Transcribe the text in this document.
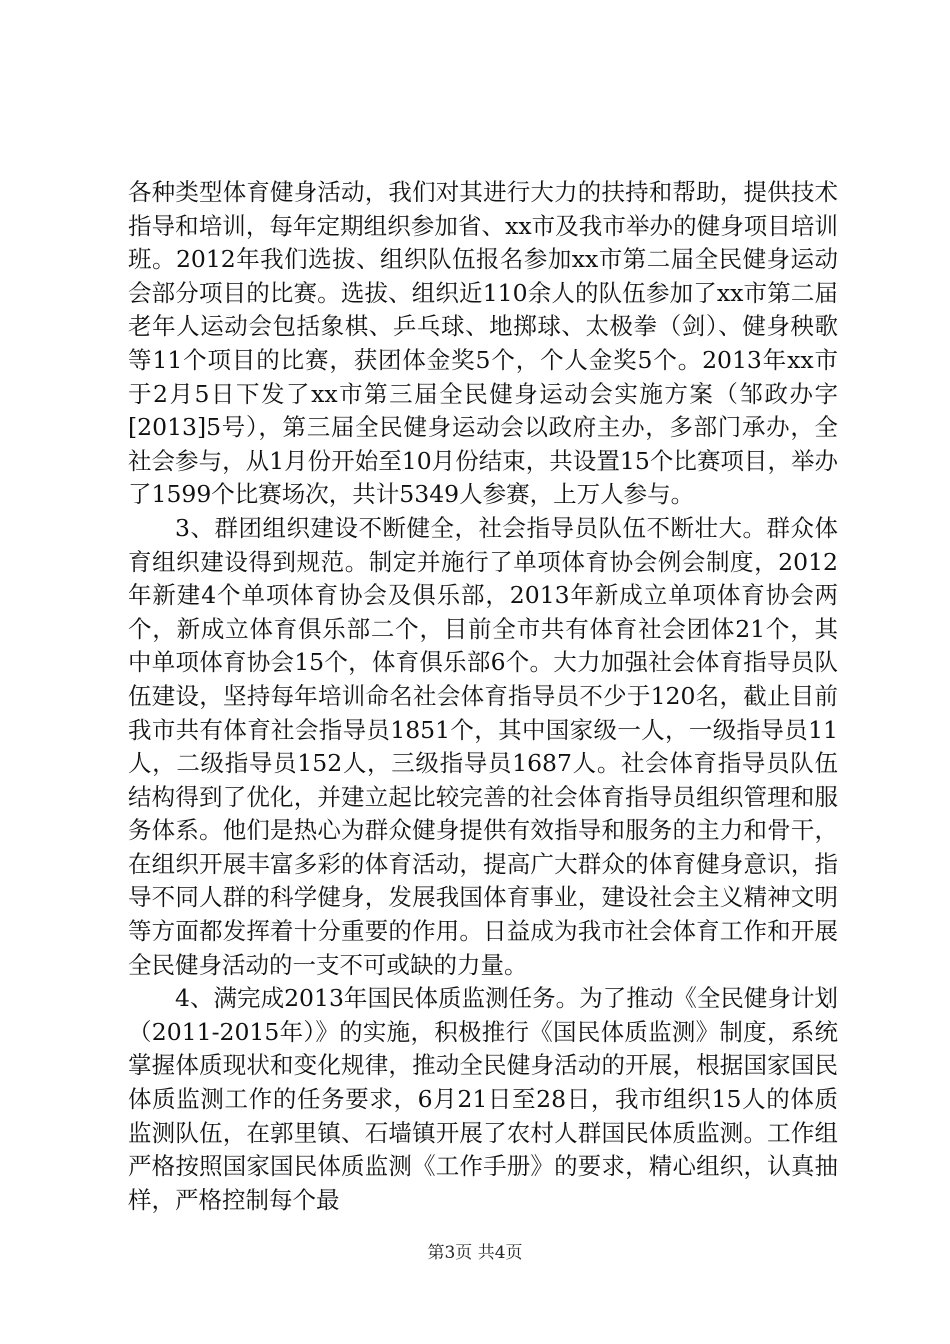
各种类型体育健身活动，我们对其进行大力的扶持和帮助，提供技术指导和培训，每年定期组织参加省、xx市及我市举办的健身项目培训班。2012年我们选拔、组织队伍报名参加xx市第二届全民健身运动会部分项目的比赛。选拔、组织近110余人的队伍参加了xx市第二届老年人运动会包括象棋、乒乓球、地掷球、太极拳（剑）、健身秧歌等11个项目的比赛，获团体金奖5个，个人金奖5个。2013年xx市于2月5日下发了xx市第三届全民健身运动会实施方案（邹政办字[2013]5号），第三届全民健身运动会以政府主办，多部门承办，全社会参与，从1月份开始至10月份结束，共设置15个比赛项目，举办了1599个比赛场次，共计5349人参赛，上万人参与。

3、群团组织建设不断健全，社会指导员队伍不断壮大。群众体育组织建设得到规范。制定并施行了单项体育协会例会制度，2012年新建4个单项体育协会及俱乐部，2013年新成立单项体育协会两个，新成立体育俱乐部二个，目前全市共有体育社会团体21个，其中单项体育协会15个，体育俱乐部6个。大力加强社会体育指导员队伍建设，坚持每年培训命名社会体育指导员不少于120名，截止目前我市共有体育社会指导员1851个，其中国家级一人，一级指导员11人，二级指导员152人，三级指导员1687人。社会体育指导员队伍结构得到了优化，并建立起比较完善的社会体育指导员组织管理和服务体系。他们是热心为群众健身提供有效指导和服务的主力和骨干，在组织开展丰富多彩的体育活动，提高广大群众的体育健身意识，指导不同人群的科学健身，发展我国体育事业，建设社会主义精神文明等方面都发挥着十分重要的作用。日益成为我市社会体育工作和开展全民健身活动的一支不可或缺的力量。

4、满完成2013年国民体质监测任务。为了推动《全民健身计划（2011-2015年）》的实施，积极推行《国民体质监测》制度，系统掌握体质现状和变化规律，推动全民健身活动的开展，根据国家国民体质监测工作的任务要求，6月21日至28日，我市组织15人的体质监测队伍，在郭里镇、石墙镇开展了农村人群国民体质监测。工作组严格按照国家国民体质监测《工作手册》的要求，精心组织，认真抽样，严格控制每个最

第3页 共4页
